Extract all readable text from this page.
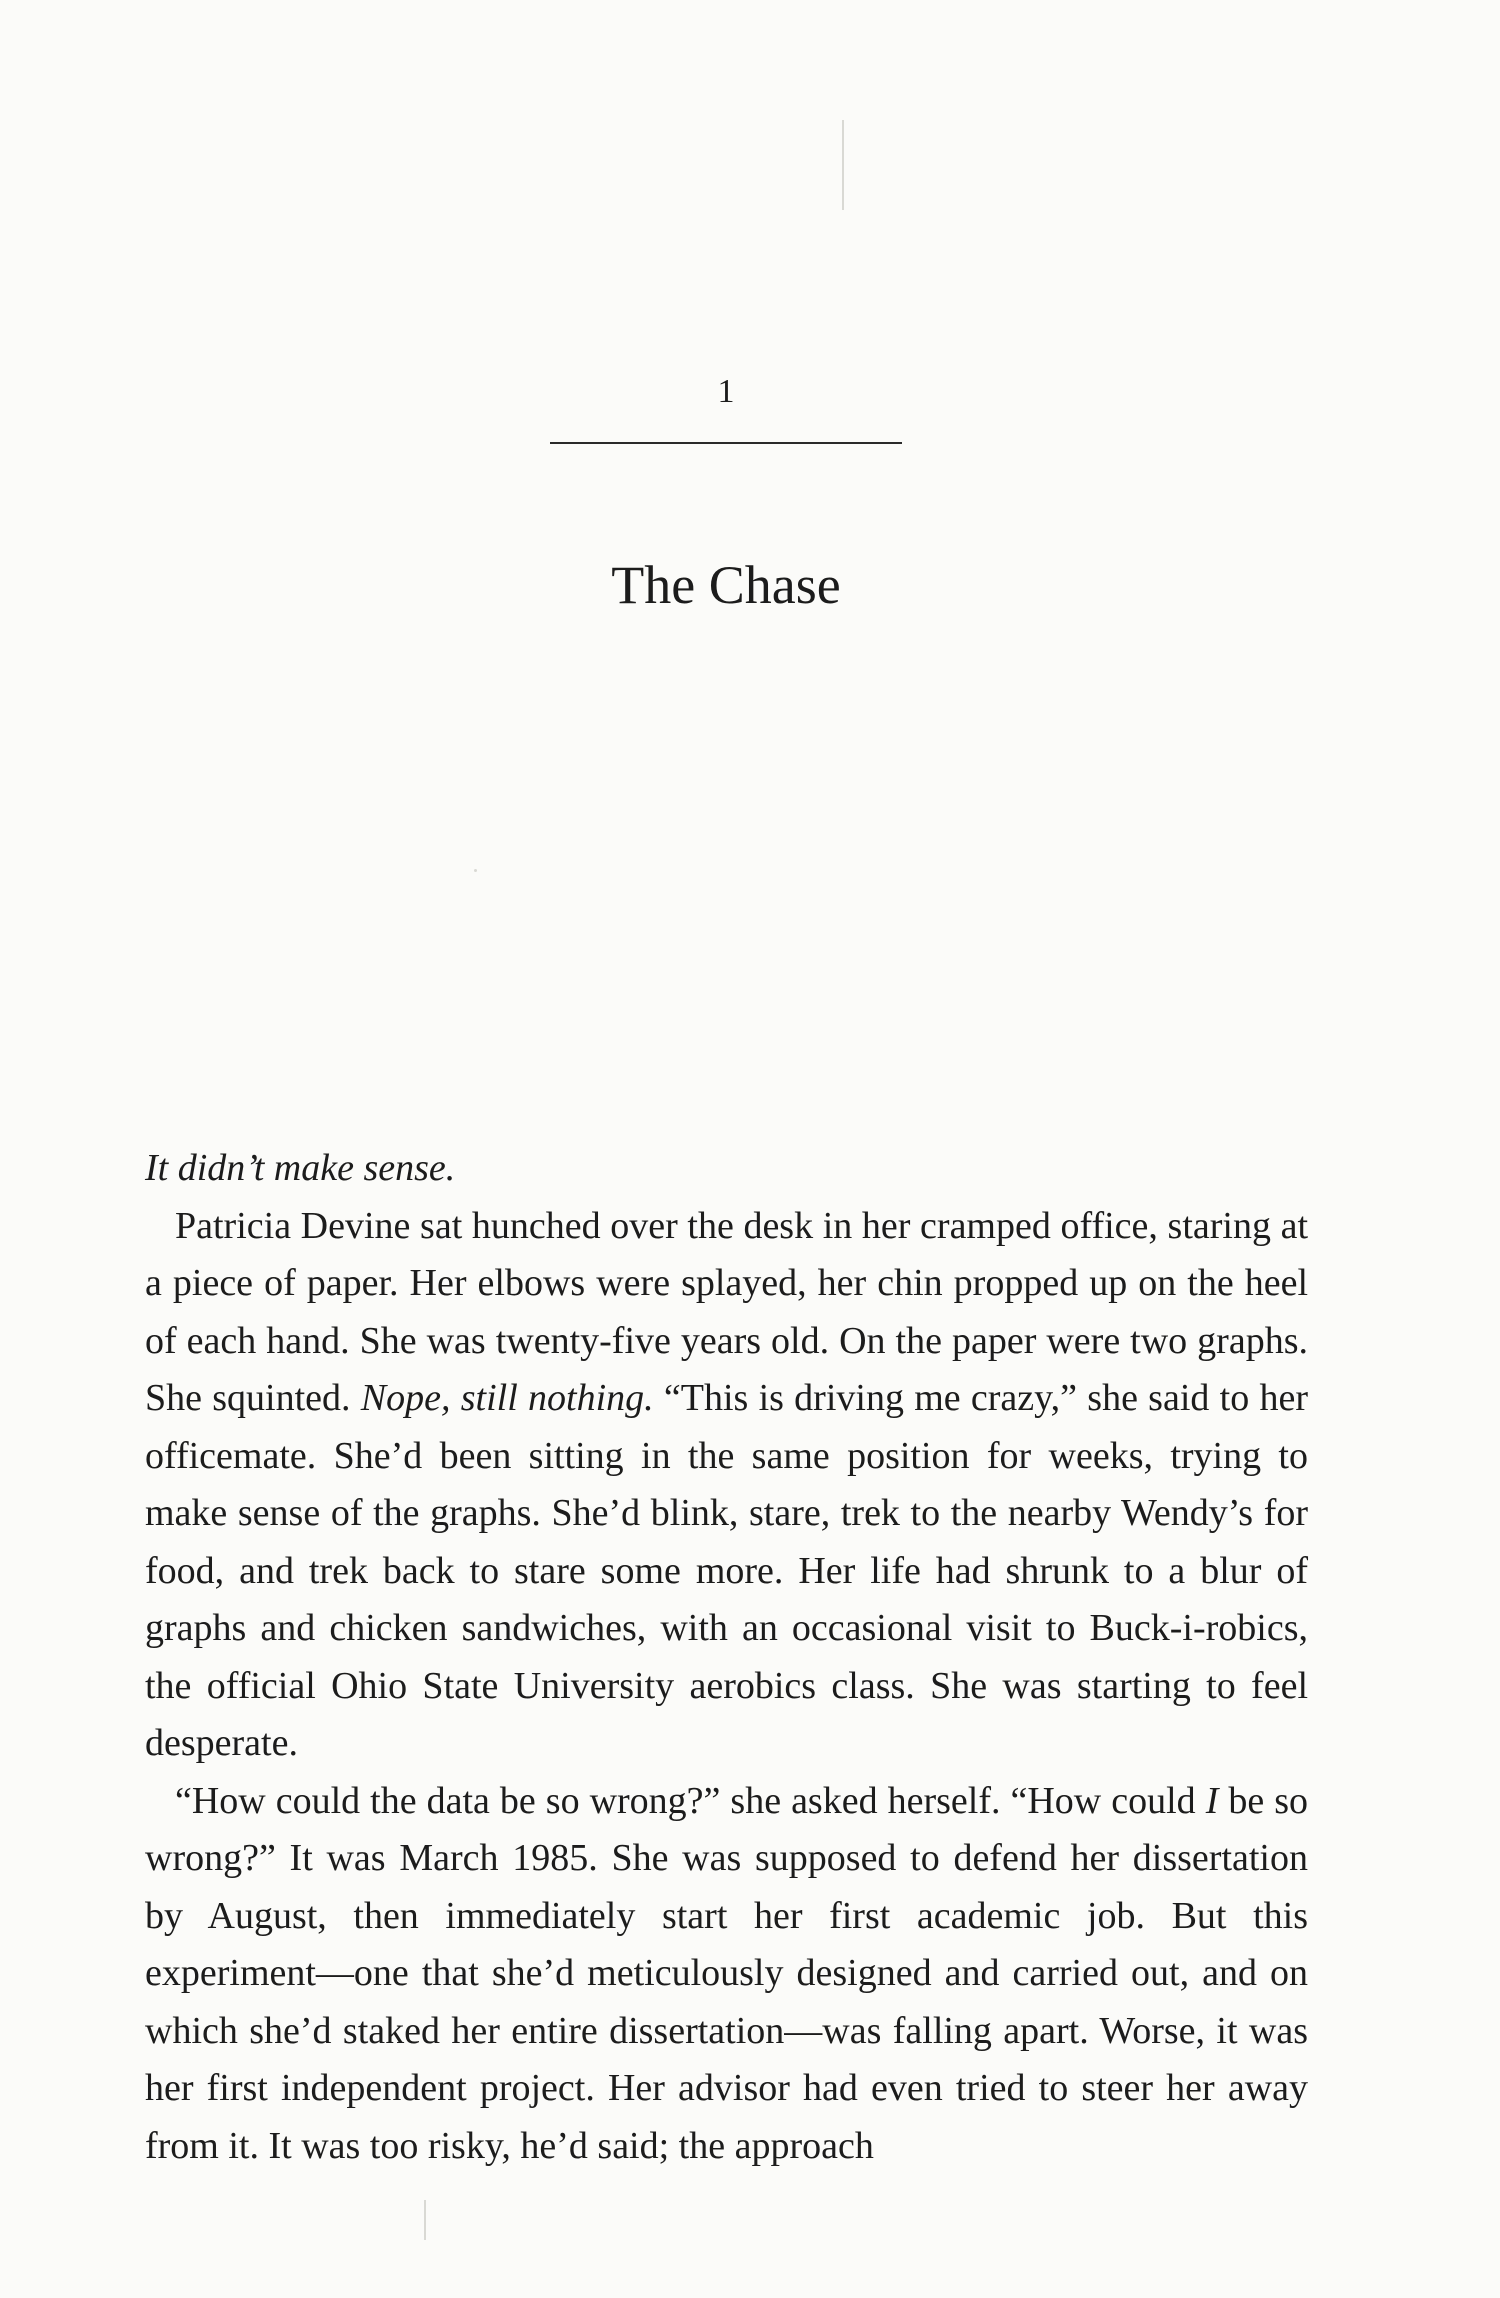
1
The Chase

It didn’t make sense.

Patricia Devine sat hunched over the desk in her cramped office, staring at a piece of paper. Her elbows were splayed, her chin propped up on the heel of each hand. She was twenty-five years old. On the paper were two graphs. She squinted. Nope, still nothing. “This is driving me crazy,” she said to her officemate. She’d been sitting in the same position for weeks, trying to make sense of the graphs. She’d blink, stare, trek to the nearby Wendy’s for food, and trek back to stare some more. Her life had shrunk to a blur of graphs and chicken sandwiches, with an occasional visit to Buck-i-robics, the official Ohio State University aerobics class. She was starting to feel desperate.

“How could the data be so wrong?” she asked herself. “How could I be so wrong?” It was March 1985. She was supposed to defend her dissertation by August, then immediately start her first academic job. But this experiment—one that she’d meticulously designed and carried out, and on which she’d staked her entire dissertation—was falling apart. Worse, it was her first independent project. Her advisor had even tried to steer her away from it. It was too risky, he’d said; the approach
